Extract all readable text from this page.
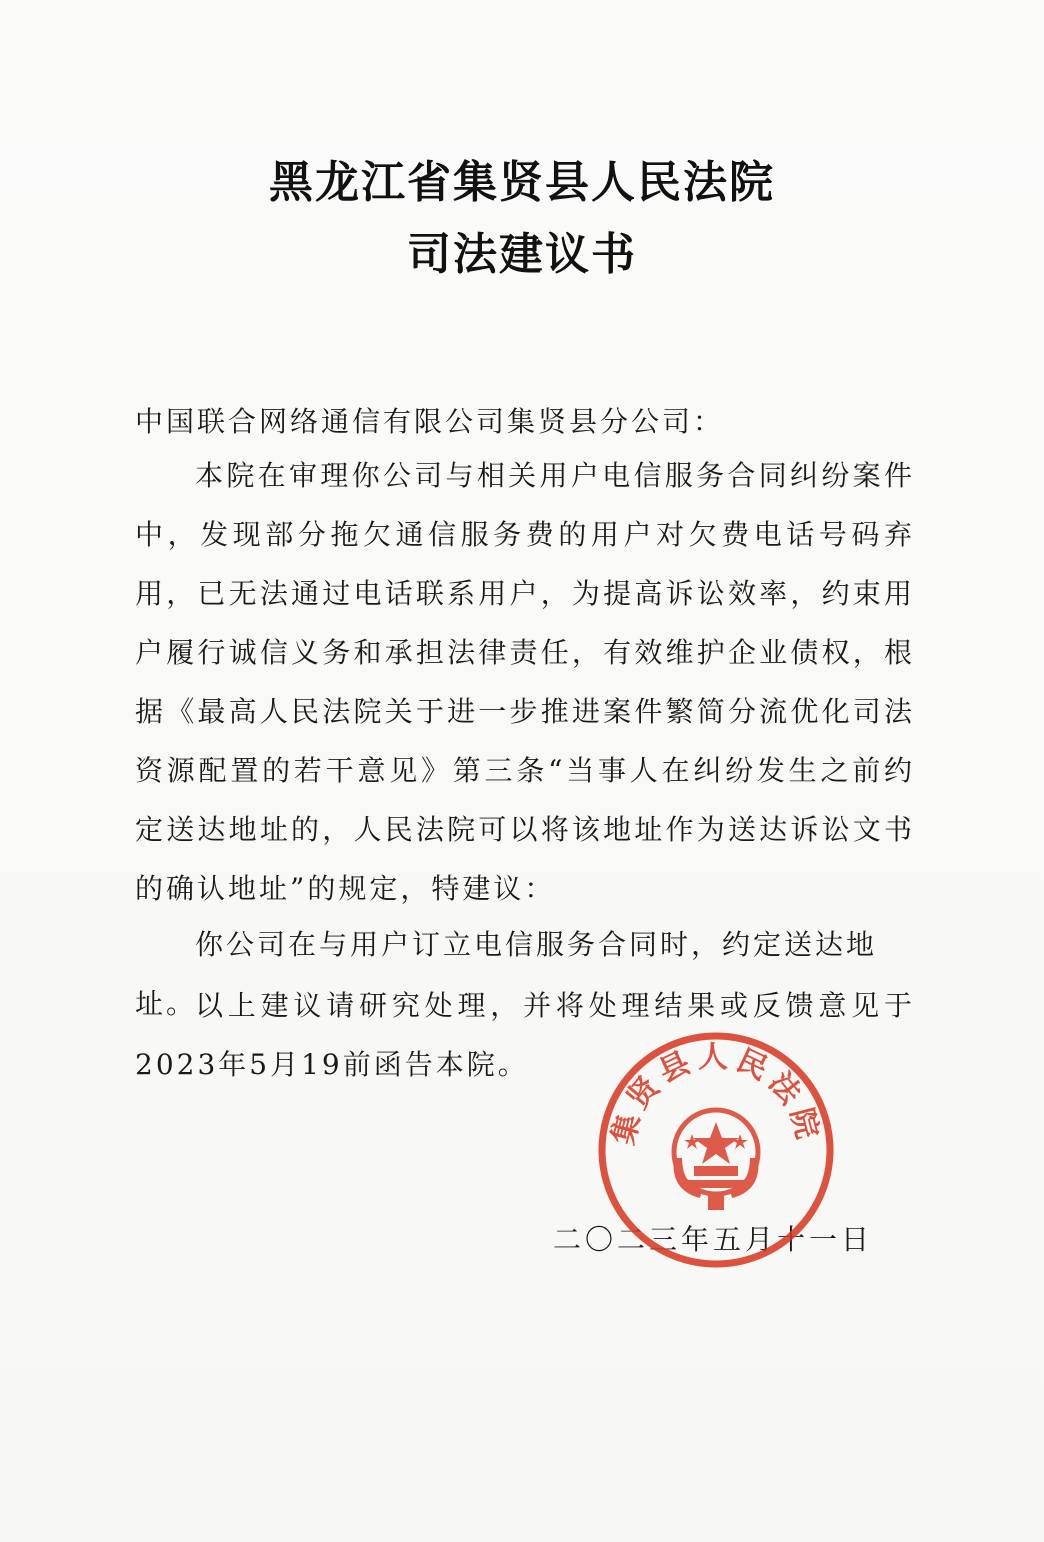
黑龙江省集贤县人民法院
司法建议书
中国联合网络通信有限公司集贤县分公司：
本院在审理你公司与相关用户电信服务合同纠纷案件中，发现部分拖欠通信服务费的用户对欠费电话号码弃用，已无法通过电话联系用户，为提高诉讼效率，约束用户履行诚信义务和承担法律责任，有效维护企业债权，根据《最高人民法院关于进一步推进案件繁简分流优化司法资源配置的若干意见》第三条“当事人在纠纷发生之前约定送达地址的，人民法院可以将该地址作为送达诉讼文书的确认地址”的规定，特建议：
你公司在与用户订立电信服务合同时，约定送达地址。
以上建议请研究处理，并将处理结果或反馈意见于2023年5月19前函告本院。
二〇二三年五月十一日
集贤县人民法院
